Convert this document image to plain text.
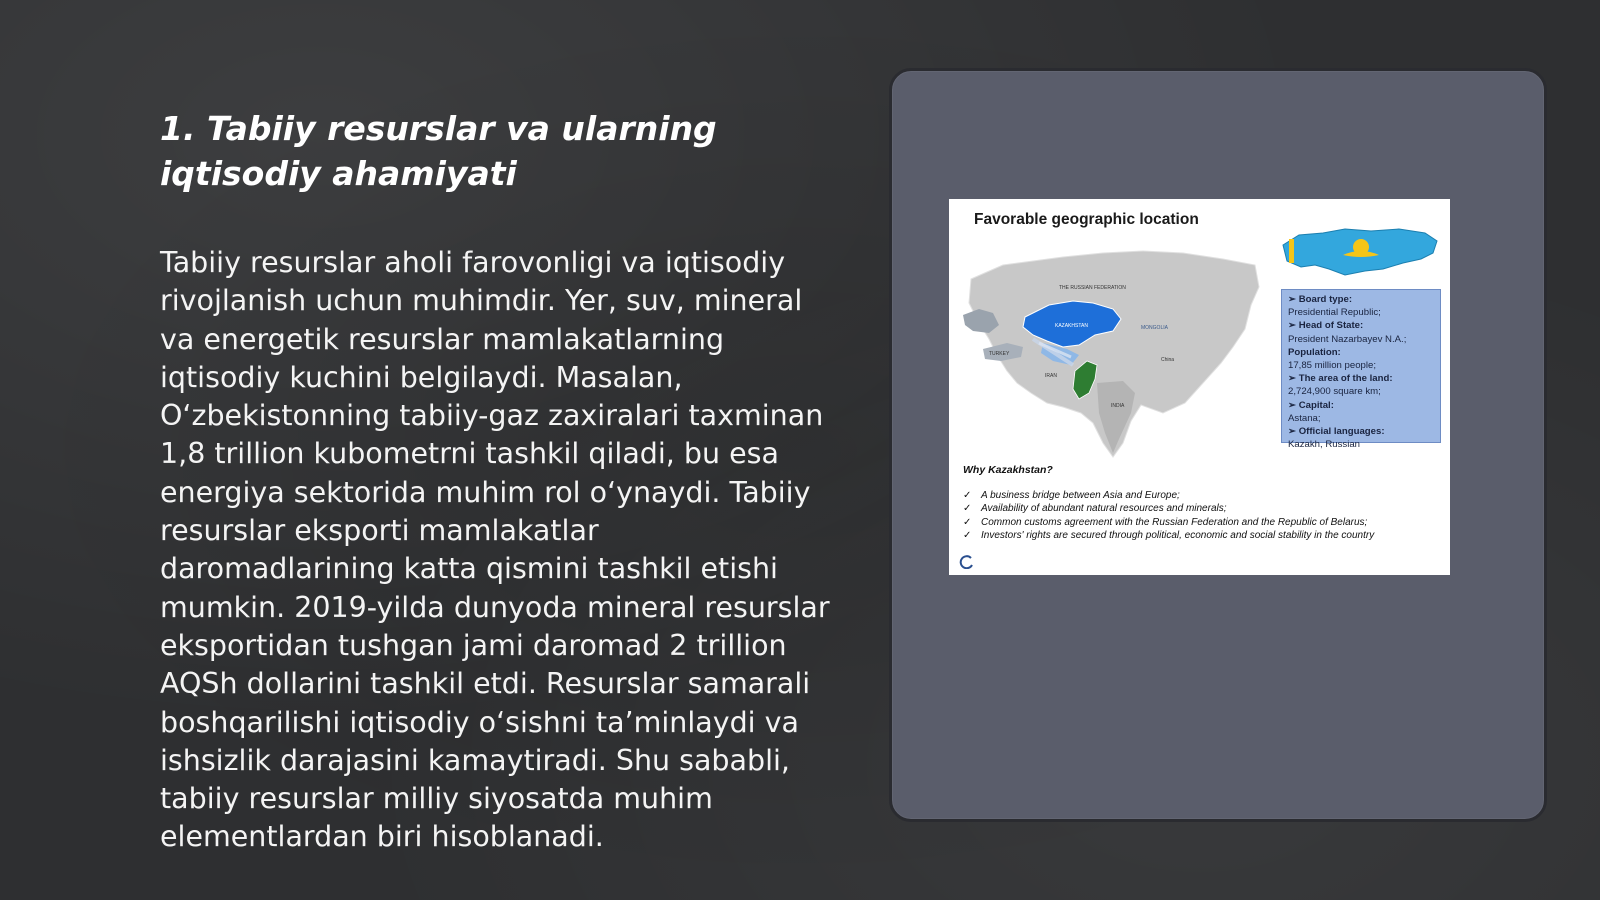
1. Tabiiy resurslar va ularning
iqtisodiy ahamiyati

Tabiiy resurslar aholi farovonligi va iqtisodiy rivojlanish uchun muhimdir. Yer, suv, mineral va energetik resurslar mamlakatlarning iqtisodiy kuchini belgilaydi. Masalan, O‘zbekistonning tabiiy-gaz zaxiralari taxminan 1,8 trillion kubometrni tashkil qiladi, bu esa energiya sektorida muhim rol o‘ynaydi. Tabiiy resurslar eksporti mamlakatlar daromadlarining katta qismini tashkil etishi mumkin. 2019-yilda dunyoda mineral resurslar eksportidan tushgan jami daromad 2 trillion AQSh dollarini tashkil etdi. Resurslar samarali boshqarilishi iqtisodiy o‘sishni ta’minlaydi va ishsizlik darajasini kamaytiradi. Shu sababli, tabiiy resurslar milliy siyosatda muhim elementlardan biri hisoblanadi.

Favorable geographic location
THE RUSSIAN FEDERATION
KAZAKHSTAN	MONGOLIA
China
TURKEY
IRAN
INDIA
➢ Board type:
Presidential Republic;
➢ Head of State:
President Nazarbayev N.A.;
Population:
17,85 million people;
➢ The area of the land:
2,724,900 square km;
➢ Capital:
Astana;
➢ Official languages:
Kazakh, Russian
Why Kazakhstan?
✓ A business bridge between Asia and Europe;
✓ Availability of abundant natural resources and minerals;
✓ Common customs agreement with the Russian Federation and the Republic of Belarus;
✓ Investors' rights are secured through political, economic and social stability in the country
